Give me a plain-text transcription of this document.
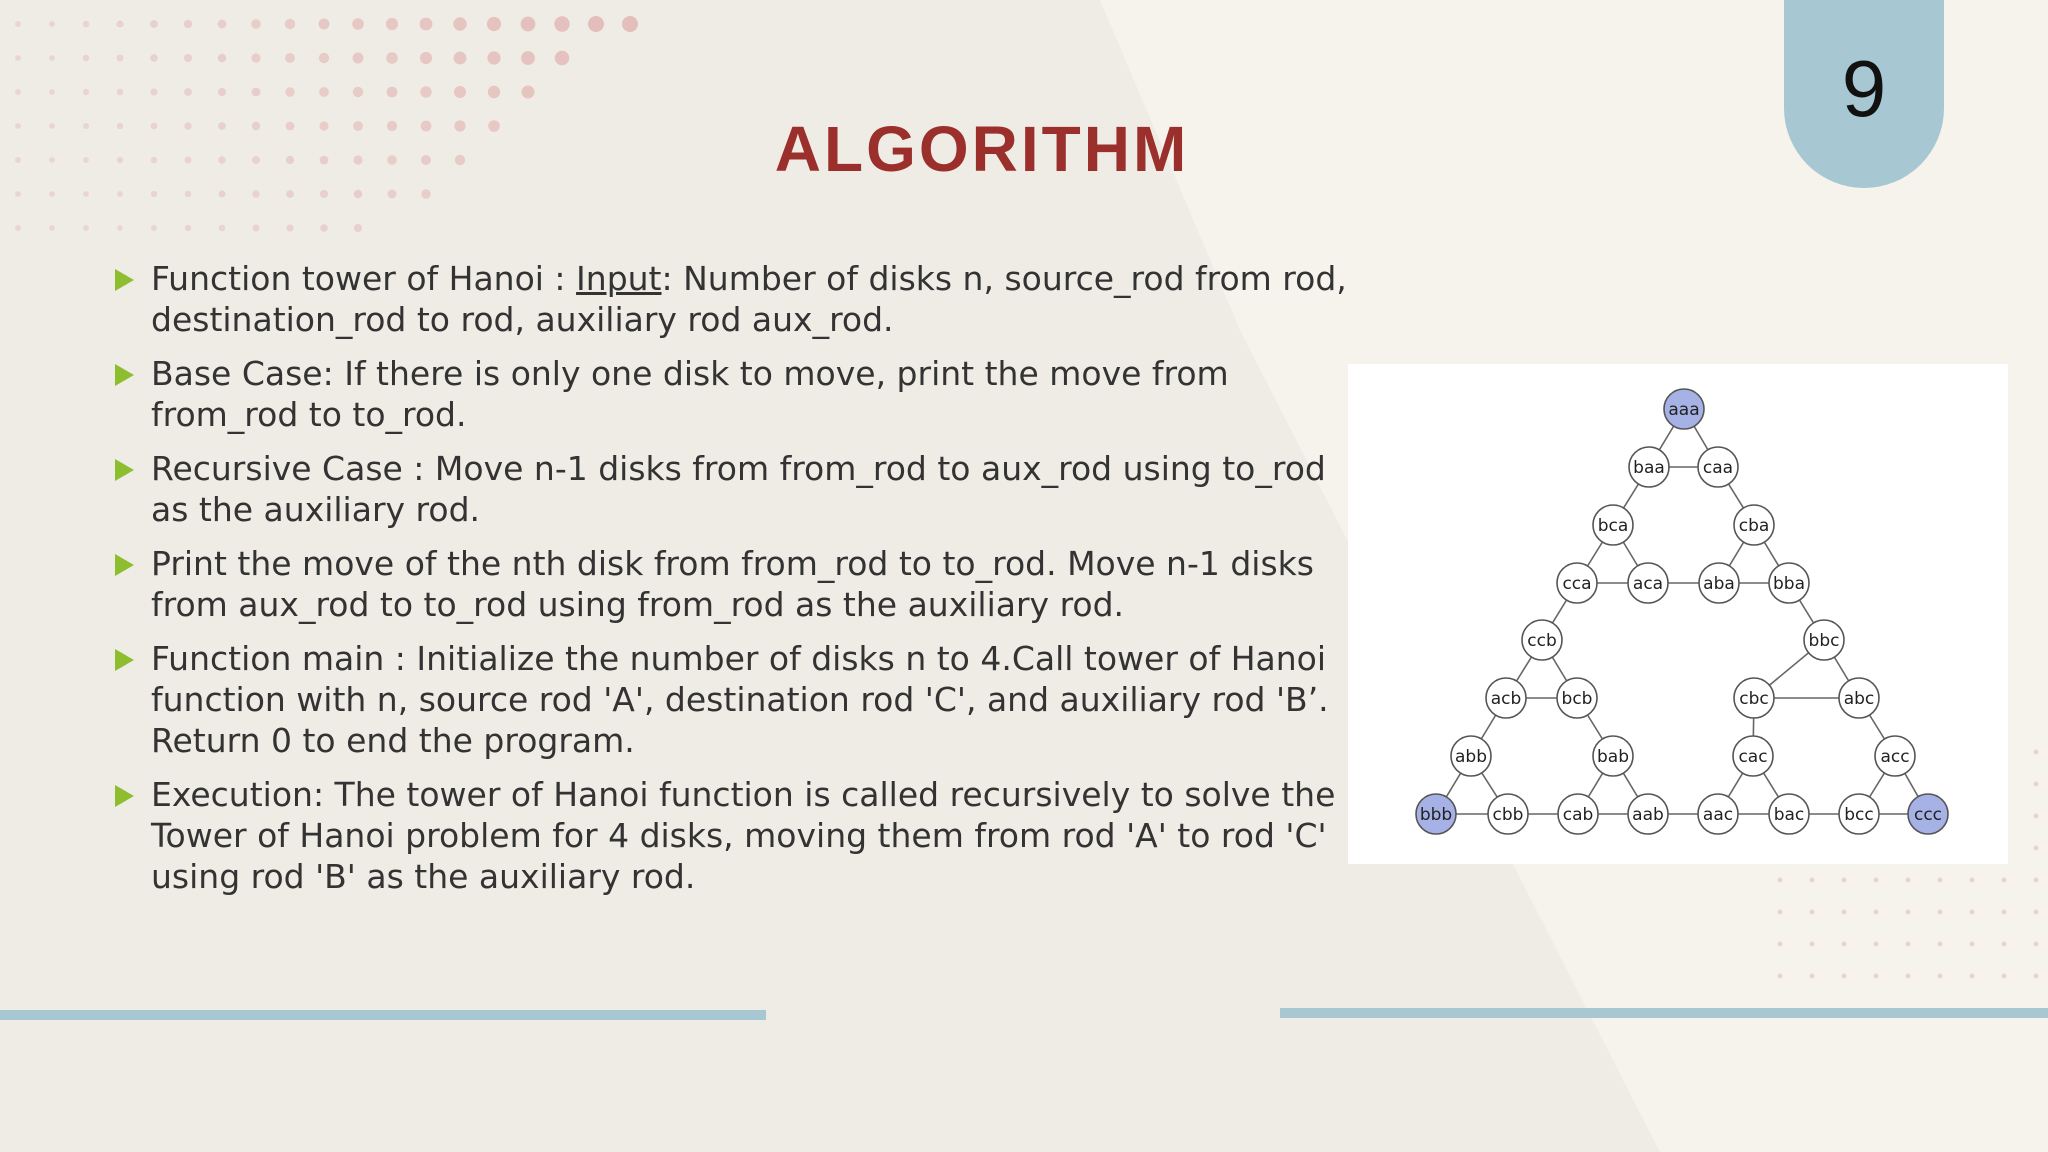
9
ALGORITHM
Function tower of Hanoi : Input: Number of disks n, source_rod from rod, destination_rod to rod, auxiliary rod aux_rod.
Base Case: If there is only one disk to move, print the move from from_rod to to_rod.
Recursive Case : Move n-1 disks from from_rod to aux_rod using to_rod as the auxiliary rod.
Print the move of the nth disk from from_rod to to_rod. Move n-1 disks from aux_rod to to_rod using from_rod as the auxiliary rod.
Function main : Initialize the number of disks n to 4.Call tower of Hanoi function with n, source rod 'A', destination rod 'C', and auxiliary rod 'B’. Return 0 to end the program.
Execution: The tower of Hanoi function is called recursively to solve the Tower of Hanoi problem for 4 disks, moving them from rod 'A' to rod 'C' using rod 'B' as the auxiliary rod.
aaa
baa caa
bca	cba
cca aca aba bba
ccb	bbc
acb bcb	cbc	abc
abb	bab	cac	acc
bbb cbb cab aab aac bac bcc ccc
